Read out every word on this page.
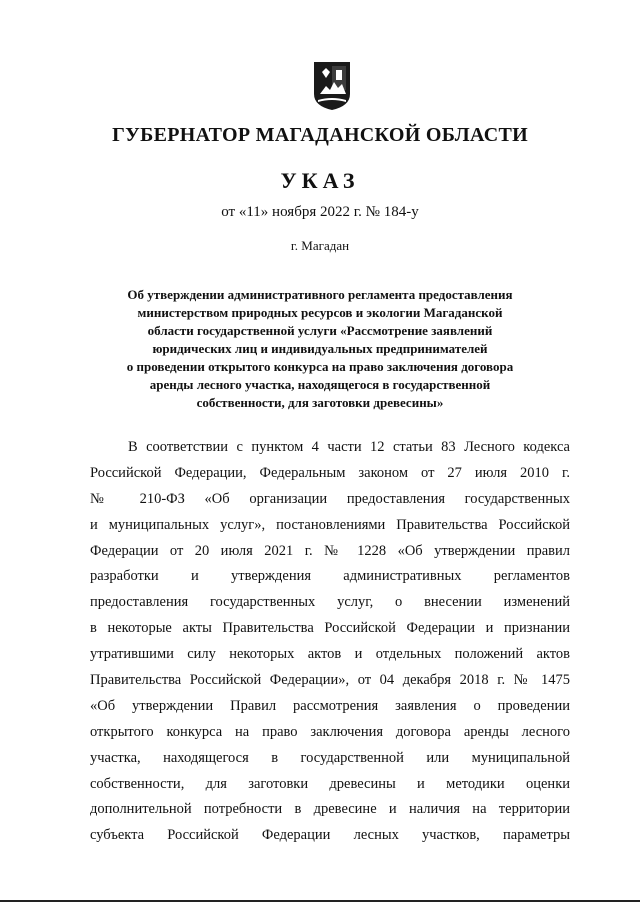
ГУБЕРНАТОР МАГАДАНСКОЙ ОБЛАСТИ
УКАЗ
от «11» ноября 2022 г. № 184-у
г. Магадан
Об утверждении административного регламента предоставления
министерством природных ресурсов и экологии Магаданской
области государственной услуги «Рассмотрение заявлений
юридических лиц и индивидуальных предпринимателей
о проведении открытого конкурса на право заключения договора
аренды лесного участка, находящегося в государственной
собственности, для заготовки древесины»
В соответствии с пунктом 4 части 12 статьи 83 Лесного кодекса
Российской Федерации, Федеральным законом от 27 июля 2010 г.
№ 210-ФЗ «Об организации предоставления государственных
и муниципальных услуг», постановлениями Правительства Российской
Федерации от 20 июля 2021 г. № 1228 «Об утверждении правил
разработки и утверждения административных регламентов
предоставления государственных услуг, о внесении изменений
в некоторые акты Правительства Российской Федерации и признании
утратившими силу некоторых актов и отдельных положений актов
Правительства Российской Федерации», от 04 декабря 2018 г. № 1475
«Об утверждении Правил рассмотрения заявления о проведении
открытого конкурса на право заключения договора аренды лесного
участка, находящегося в государственной или муниципальной
собственности, для заготовки древесины и методики оценки
дополнительной потребности в древесине и наличия на территории
субъекта Российской Федерации лесных участков, параметры
